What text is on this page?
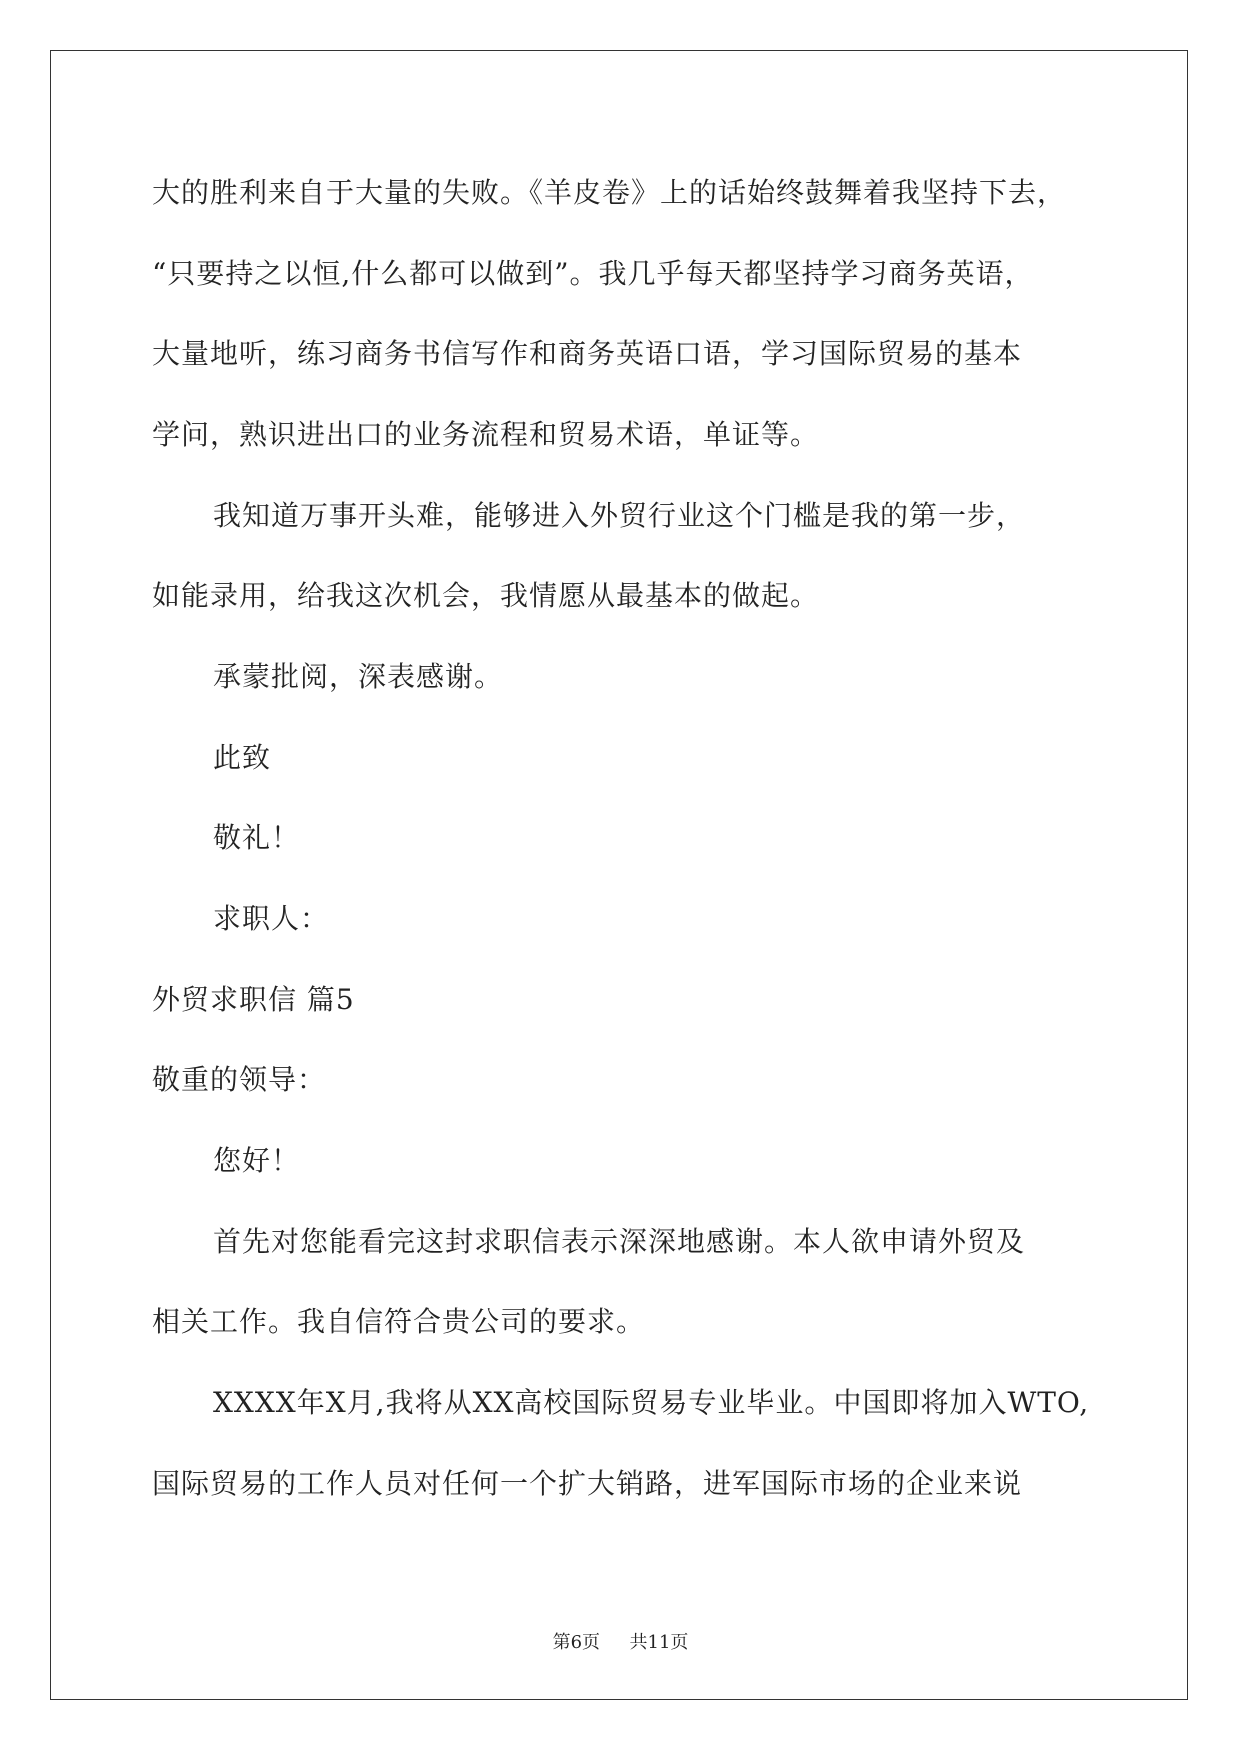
大的胜利来自于大量的失败。《羊皮卷》上的话始终鼓舞着我坚持下去，
“只要持之以恒,什么都可以做到”。我几乎每天都坚持学习商务英语，
大量地听，练习商务书信写作和商务英语口语，学习国际贸易的基本
学问，熟识进出口的业务流程和贸易术语，单证等。
我知道万事开头难，能够进入外贸行业这个门槛是我的第一步，
如能录用，给我这次机会，我情愿从最基本的做起。
承蒙批阅，深表感谢。
此致
敬礼！
求职人：
外贸求职信 篇5
敬重的领导：
您好！
首先对您能看完这封求职信表示深深地感谢。本人欲申请外贸及
相关工作。我自信符合贵公司的要求。
XXXX年X月,我将从XX高校国际贸易专业毕业。中国即将加入WTO,
国际贸易的工作人员对任何一个扩大销路，进军国际市场的企业来说
第6页 共11页
